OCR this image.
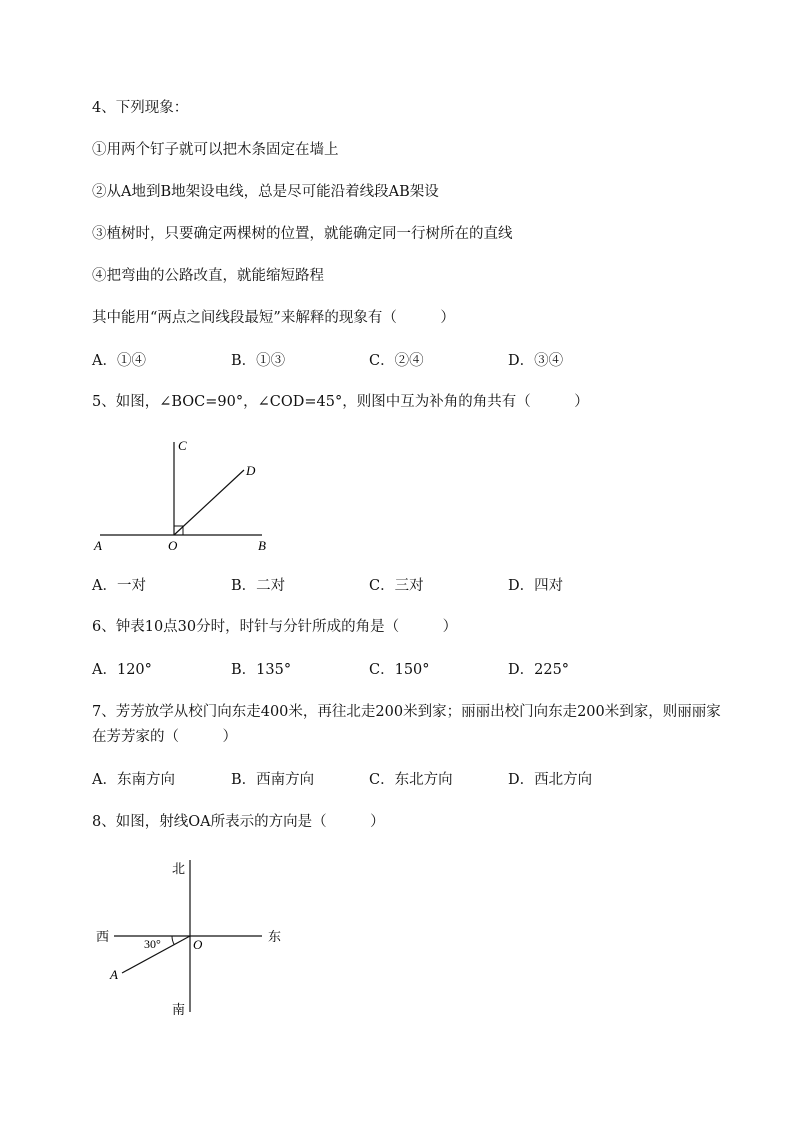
4、下列现象：
①用两个钉子就可以把木条固定在墙上
②从A地到B地架设电线，总是尽可能沿着线段AB架设
③植树时，只要确定两棵树的位置，就能确定同一行树所在的直线
④把弯曲的公路改直，就能缩短路程
其中能用“两点之间线段最短”来解释的现象有（　　　）
A．①④	B．①③	C．②④	D．③④
5、如图，∠BOC=90°，∠COD=45°，则图中互为补角的角共有（　　　）
C
D
A	O	B
A．一对	B．二对	C．三对	D．四对
6、钟表10点30分时，时针与分针所成的角是（　　　）
A．120°	B．135°	C．150°	D．225°
7、芳芳放学从校门向东走400米，再往北走200米到家；丽丽出校门向东走200米到家，则丽丽家
在芳芳家的（　　　）
A．东南方向	B．西南方向	C．东北方向	D．西北方向
8、如图，射线OA所表示的方向是（　　　）
北
南
西	东
O
A
30°
